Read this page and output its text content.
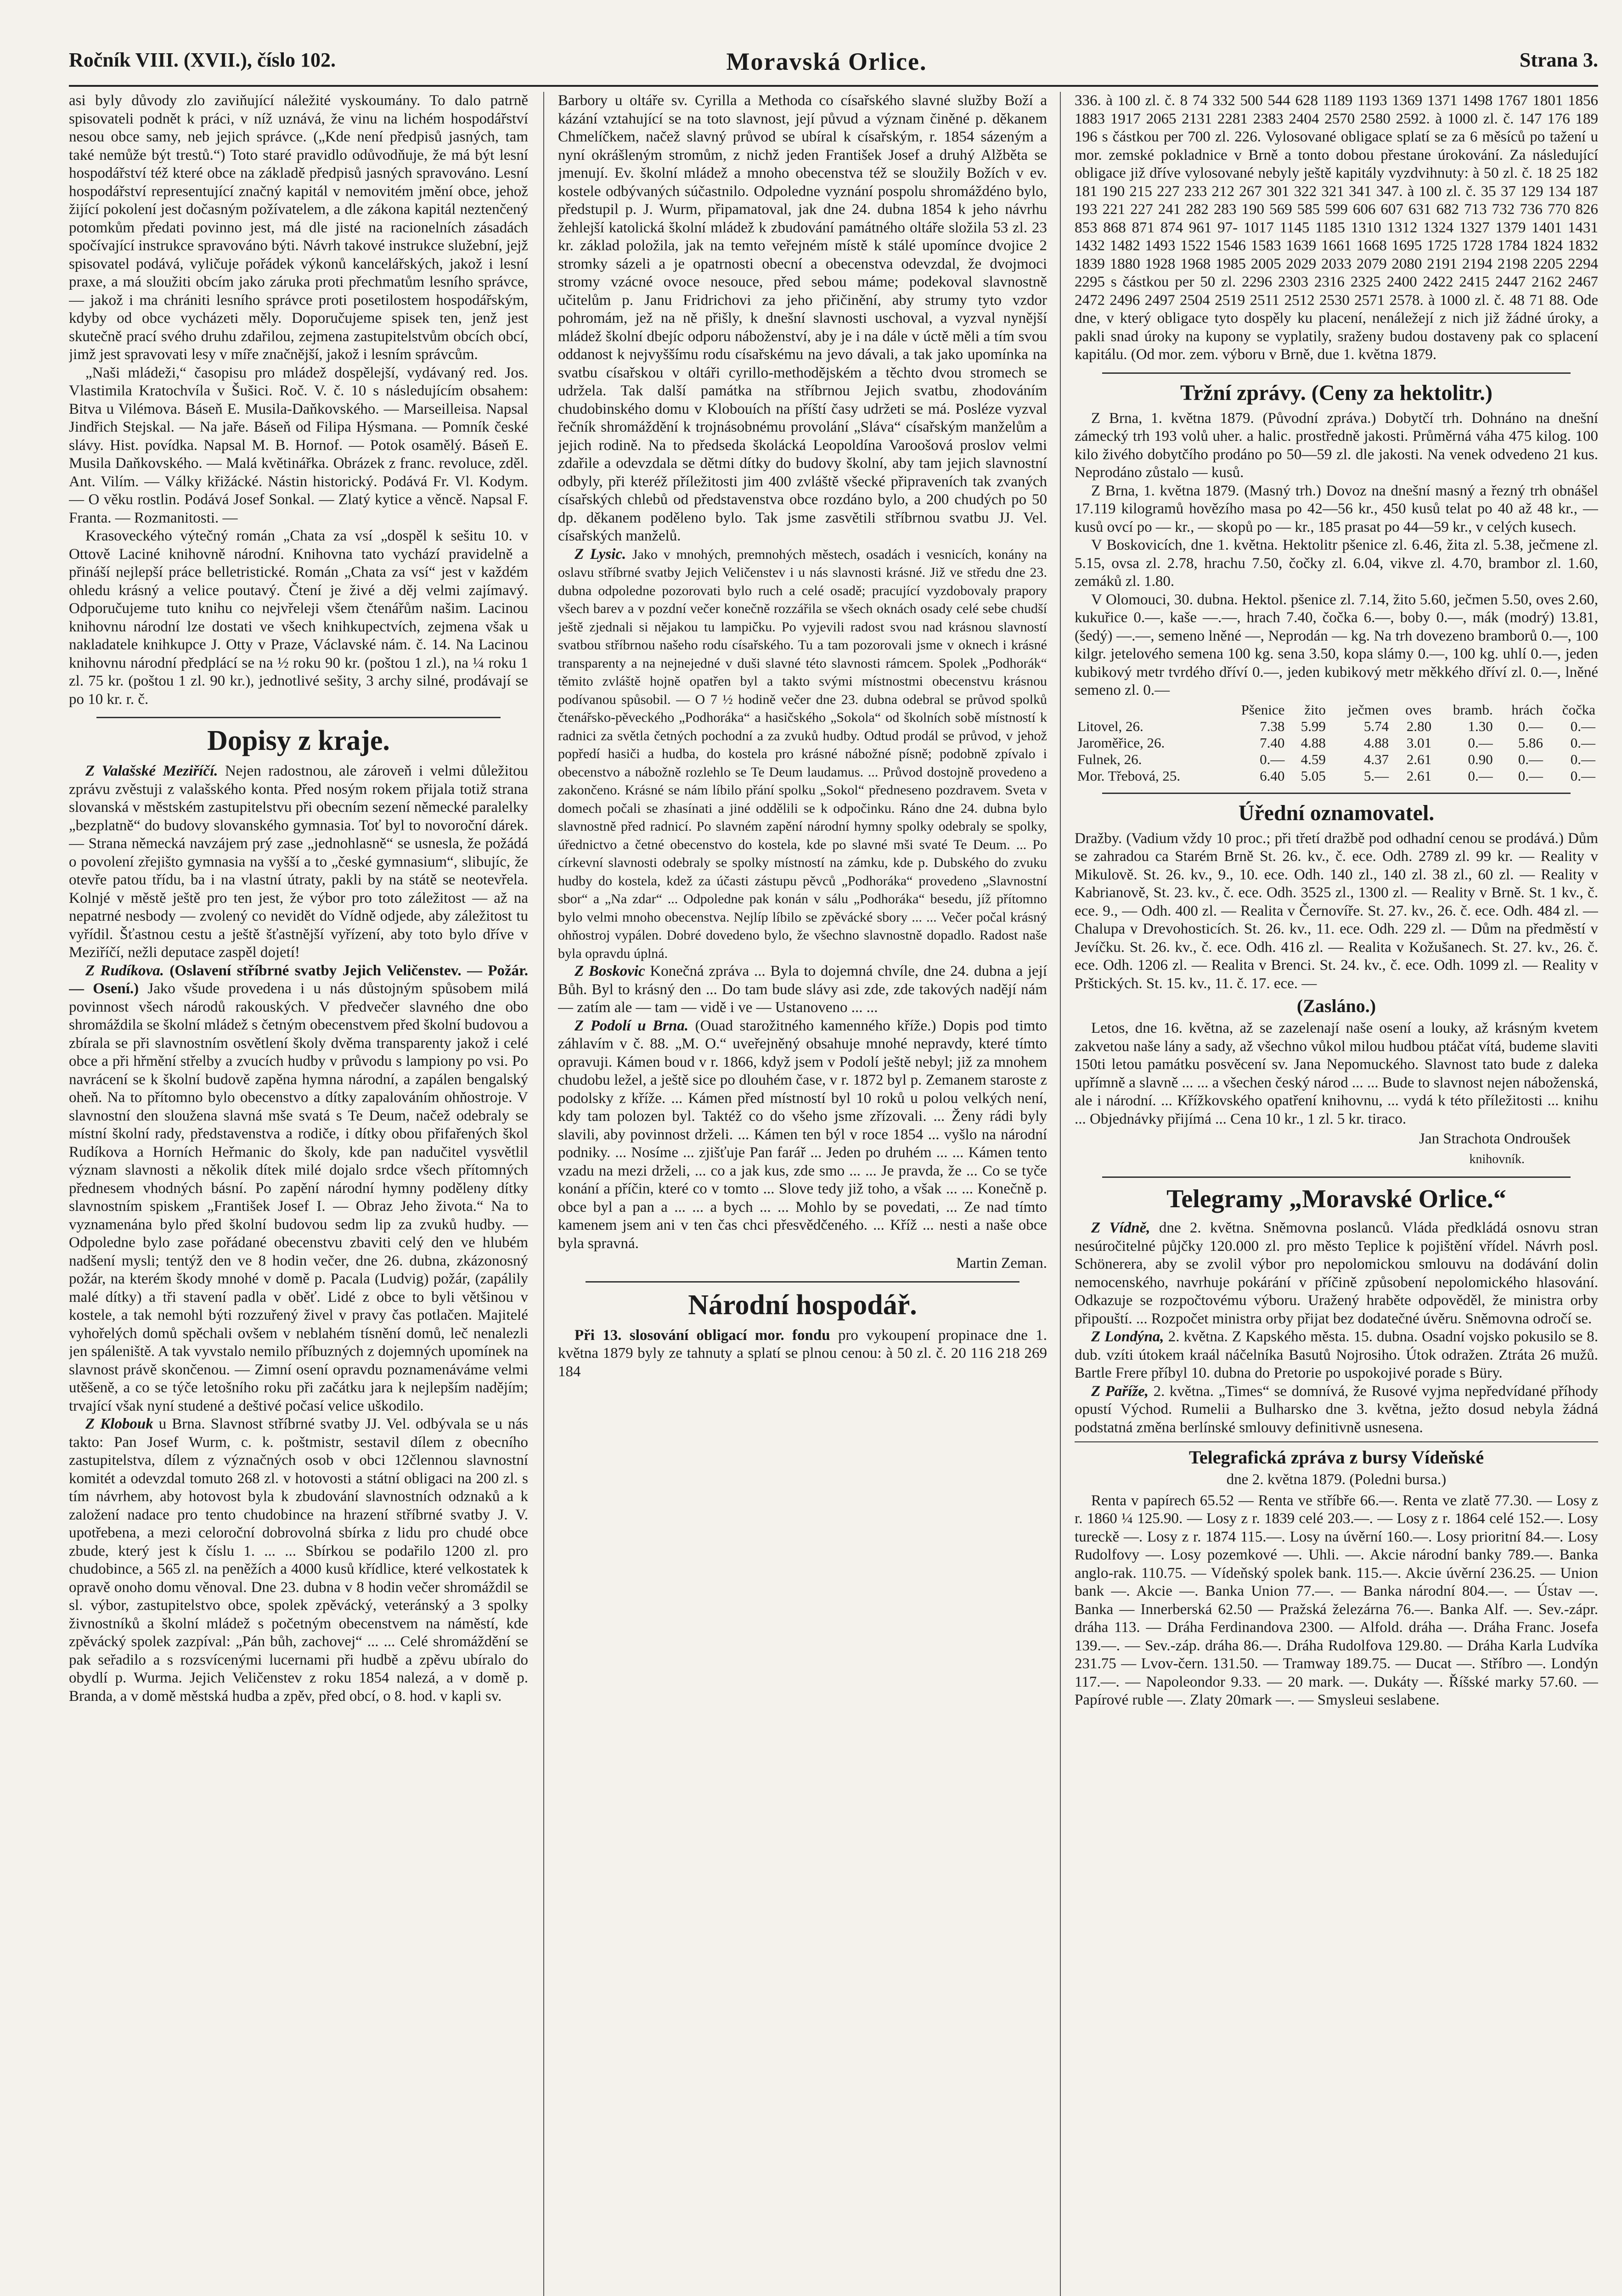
Ročník VIII. (XVII.), číslo 102.	Moravská Orlice.	Strana 3.

asi byly důvody zlo zaviňující náležité vyskoumány. To dalo patrně spisovateli podnět k práci, v níž uznává, že vinu na lichém hospodářství nesou obce samy, neb jejich správce. („Kde není předpisů jasných, tam také nemůže být trestů.“) Toto staré pravidlo odůvodňuje, že má být lesní hospodářství též které obce na základě předpisů jasných spravováno. Lesní hospodářství representující značný kapitál v nemovitém jmění obce, jehož žijící pokolení jest dočasným požívatelem, a dle zákona kapitál neztenčený potomkům předati povinno jest, má dle jisté na racionelních zásadách spočívající instrukce spravováno býti. Návrh takové instrukce služební, jejž spisovatel podává, vyličuje pořádek výkonů kancelářských, jakož i lesní praxe, a má sloužiti obcím jako záruka proti přechmatům lesního správce, — jakož i ma chrániti lesního správce proti posetilostem hospodářským, kdyby od obce vycházeti měly. Doporučujeme spisek ten, jenž jest skutečně prací svého druhu zdařilou, zejmena zastupitelstvům obcích obcí, jimž jest spravovati lesy v míře značnější, jakož i lesním správcům.

„Naši mládeži,“ časopisu pro mládež dospělejší, vydávaný red. Jos. Vlastimila Kratochvíla v Šušici. Roč. V. č. 10 s následujícím obsahem: Bitva u Vilémova. Báseň E. Musila-Daňkovského. — Marseilleisa. Napsal Jindřich Stejskal. — Na jaře. Báseň od Filipa Hýsmana. — Pomník české slávy. Hist. povídka. Napsal M. B. Hornof. — Potok osamělý. Báseň E. Musila Daňkovského. — Malá květinářka. Obrázek z franc. revoluce, zděl. Ant. Vilím. — Války křižácké. Nástin historický. Podává Fr. Vl. Kodym. — O věku rostlin. Podává Josef Sonkal. — Zlatý kytice a věncě. Napsal F. Franta. — Rozmanitosti. —

Krasoveckého výtečný román „Chata za vsí „dospěl k sešitu 10. v Ottově Laciné knihovně národní. Knihovna tato vychází pravidelně a přináší nejlepší práce belletristické. Román „Chata za vsí“ jest v každém ohledu krásný a velice poutavý. Čtení je živé a děj velmi zajímavý. Odporučujeme tuto knihu co nejvřeleji všem čtenářům našim. Lacinou knihovnu národní lze dostati ve všech knihkupectvích, zejmena však u nakladatele knihkupce J. Otty v Praze, Václavské nám. č. 14. Na Lacinou knihovnu národní předplácí se na ½ roku 90 kr. (poštou 1 zl.), na ¼ roku 1 zl. 75 kr. (poštou 1 zl. 90 kr.), jednotlivé sešity, 3 archy silné, prodávají se po 10 kr. r. č.

Dopisy z kraje.

Z Valašské Meziříčí. Nejen radostnou, ale zároveň i velmi důležitou zprávu zvěstuji z valašského konta. Před nosým rokem přijala totiž strana slovanská v městském zastupitelstvu při obecním sezení německé paralelky „bezplatně“ do budovy slovanského gymnasia. Toť byl to novoroční dárek. — Strana německá navzájem prý zase „jednohlasně“ se usnesla, že požádá o povolení zřejišto gymnasia na vyšší a to „české gymnasium“, slibujíc, že otevře patou třídu, ba i na vlastní útraty, pakli by na státě se neotevřela. Kolnjé v městě ještě pro ten jest, že výbor pro toto záležitost — až na nepatrné nesbody — zvolený co nevidět do Vídně odjede, aby záležitost tu vyřídil. Šťastnou cestu a ještě šťastnější vyřízení, aby toto bylo dříve v Meziříčí, nežli deputace zaspěl dojetí!

Z Rudíkova. (Oslavení stříbrné svatby Jejich Veličenstev. — Požár. — Osení.) Jako všude provedena i u nás důstojným spůsobem milá povinnost všech národů rakouských. V předvečer slavného dne obo shromáždila se školní mládež s četným obecenstvem před školní budovou a zbírala se při slavnostním osvětlení školy dvěma transparenty jakož i celé obce a při hřmění střelby a zvucích hudby v průvodu s lampiony po vsi. Po navrácení se k školní budově zapěna hymna národní, a zapálen bengalský oheň. Na to přítomno bylo obecenstvo a dítky zapalováním ohňostroje. V slavnostní den sloužena slavná mše svatá s Te Deum, načež odebraly se místní školní rady, představenstva a rodiče, i dítky obou přifařených škol Rudíkova a Horních Heřmanic do školy, kde pan nadučitel vysvětlil význam slavnosti a několik dítek milé dojalo srdce všech přítomných přednesem vhodných básní. Po zapění národní hymny poděleny dítky slavnostním spiskem „František Josef I. — Obraz Jeho života.“ Na to vyznamenána bylo před školní budovou sedm lip za zvuků hudby. — Odpoledne bylo zase pořádané obecenstvu zbaviti celý den ve hlubém nadšení mysli; tentýž den ve 8 hodin večer, dne 26. dubna, zkázonosný požár, na kterém škody mnohé v domě p. Pacala (Ludvig) požár, (zapálily malé dítky) a tři stavení padla v oběť. Lidé z obce to byli většinou v kostele, a tak nemohl býti rozzuřený živel v pravy čas potlačen. Majitelé vyhořelých domů spěchali ovšem v neblahém tísnění domů, leč nenalezli jen spáleniště. A tak vyvstalo nemilo příbuzných z dojemných upomínek na slavnost právě skončenou. — Zimní osení opravdu poznamenáváme velmi utěšeně, a co se týče letošního roku při začátku jara k nejlepším nadějím; trvající však nyní studené a deštivé počasí velice uškodilo.

Z Klobouk u Brna. Slavnost stříbrné svatby JJ. Vel. odbývala se u nás takto: Pan Josef Wurm, c. k. poštmistr, sestavil dílem z obecního zastupitelstva, dílem z význačných osob v obci 12člennou slavnostní komitét a odevzdal tomuto 268 zl. v hotovosti a státní obligaci na 200 zl. s tím návrhem, aby hotovost byla k zbudování slavnostních odznaků a k založení nadace pro tento chudobince na hrazení stříbrné svatby J. V. upotřebena, a mezi celoroční dobrovolná sbírka z lidu pro chudé obce zbude, který jest k číslu 1. ... ... Sbírkou se podařilo 1200 zl. pro chudobince, a 565 zl. na peněžích a 4000 kusů křídlice, které velkostatek k opravě onoho domu věnoval. Dne 23. dubna v 8 hodin večer shromáždil se sl. výbor, zastupitelstvo obce, spolek zpěvácký, veteránský a 3 spolky živnostníků a školní mládež s početným obecenstvem na náměstí, kde zpěvácký spolek zazpíval: „Pán bůh, zachovej“ ... ... Celé shromáždění se pak seřadilo a s rozsvícenými lucernami při hudbě a zpěvu ubíralo do obydlí p. Wurma. Jejich Veličenstev z roku 1854 nalezá, a v domě p. Branda, a v domě městská hudba a zpěv, před obcí, o 8. hod. v kapli sv.

Barbory u oltáře sv. Cyrilla a Methoda co císařského slavné služby Boží a kázání vztahující se na toto slavnost, její půvud a význam činěné p. děkanem Chmelíčkem, načež slavný průvod se ubíral k císařským, r. 1854 sázeným a nyní okrášleným stromům, z nichž jeden František Josef a druhý Alžběta se jmenují. Ev. školní mládež a mnoho obecenstva též se sloužily Božích v ev. kostele odbývaných súčastnilo. Odpoledne vyznání pospolu shromáždéno bylo, předstupil p. J. Wurm, připamatoval, jak dne 24. dubna 1854 k jeho návrhu žehlejší katolická školní mládež k zbudování památného oltáře složila 53 zl. 23 kr. základ položila, jak na temto veřejném místě k stálé upomínce dvojice 2 stromky sázeli a je opatrnosti obecní a obecenstva odevzdal, že dvojmoci stromy vzácné ovoce nesouce, před sebou máme; podekoval slavnostně učitelům p. Janu Fridrichovi za jeho přičinění, aby strumy tyto vzdor pohromám, jež na ně přišly, k dnešní slavnosti uschoval, a vyzval nynější mládež školní dbejíc odporu náboženství, aby je i na dále v úctě měli a tím svou oddanost k nejvyššímu rodu císařskému na jevo dávali, a tak jako upomínka na svatbu císařskou v oltáři cyrillo-methodějském a těchto dvou stromech se udržela. Tak další památka na stříbrnou Jejich svatbu, zhodováním chudobinského domu v Klobouích na příští časy udržeti se má. Posléze vyzval řečník shromáždění k trojnásobnému provolání „Sláva“ císařským manželům a jejich rodině. Na to předseda školácká Leopoldína Varoošová proslov velmi zdařile a odevzdala se dětmi dítky do budovy školní, aby tam jejich slavnostní odbyly, při kteréž příležitosti jim 400 zvláště všecké připraveních tak zvaných císařských chlebů od představenstva obce rozdáno bylo, a 200 chudých po 50 dp. děkanem poděleno bylo. Tak jsme zasvětili stříbrnou svatbu JJ. Vel. císařských manželů.

Z Lysic. Jako v mnohých, premnohých městech, osadách i vesnicích, konány na oslavu stříbrné svatby Jejich Veličenstev i u nás slavnosti krásné. Již ve středu dne 23. dubna odpoledne pozorovati bylo ruch a celé osadě; pracující vyzdobovaly prapory všech barev a v pozdní večer konečně rozzářila se všech oknách osady celé sebe chudší ještě zjednali si nějakou tu lampičku. Po vyjevili radost svou nad krásnou slavností svatbou stříbrnou našeho rodu císařského. Tu a tam pozorovali jsme v oknech i krásné transparenty a na nejnejedné v duši slavné této slavnosti rámcem. Spolek „Podhorák“ těmito zvláště hojně opatřen byl a takto svými místnostmi obecenstvu krásnou podívanou spůsobil. — O 7 ½ hodině večer dne 23. dubna odebral se průvod spolků čtenářsko-pěveckého „Podhoráka“ a hasičského „Sokola“ od školních sobě místností k radnici za světla četných pochodní a za zvuků hudby. Odtud prodál se průvod, v jehož popředí hasiči a hudba, do kostela pro krásné nábožné písně; podobně zpívalo i obecenstvo a nábožně rozlehlo se Te Deum laudamus. ... Průvod dostojně provedeno a zakončeno. Krásné se nám líbilo přání spolku „Sokol“ předneseno pozdravem. Sveta v domech počali se zhasínati a jiné oddělili se k odpočinku. Ráno dne 24. dubna bylo slavnostně před radnicí. Po slavném zapění národní hymny spolky odebraly se spolky, úřednictvo a četné obecenstvo do kostela, kde po slavné mši svaté Te Deum. ... Po církevní slavnosti odebraly se spolky místností na zámku, kde p. Dubského do zvuku hudby do kostela, kdež za účasti zástupu pěvců „Podhoráka“ provedeno „Slavnostní sbor“ a „Na zdar“ ... Odpoledne pak konán v sálu „Podhoráka“ besedu, jíž přítomno bylo velmi mnoho obecenstva. Nejlíp líbilo se zpěvácké sbory ... ... Večer počal krásný ohňostroj vypálen. Dobré dovedeno bylo, že všechno slavnostně dopadlo. Radost naše byla opravdu úplná.

Z Boskovic Konečná zpráva ... Byla to dojemná chvíle, dne 24. dubna a její Bůh. Byl to krásný den ... Do tam bude slávy asi zde, zde takových nadějí nám — zatím ale — tam — vidě i ve — Ustanoveno ... ...

Z Podolí u Brna. (Ouad starožitného kamenného kříže.) Dopis pod timto záhlavím v č. 88. „M. O.“ uveřejněný obsahuje mnohé nepravdy, které tímto opravuji. Kámen boud v r. 1866, když jsem v Podolí ještě nebyl; již za mnohem chudobu ležel, a ještě sice po dlouhém čase, v r. 1872 byl p. Zemanem staroste z podolsky z kříže. ... Kámen před místností byl 10 roků u polou velkých není, kdy tam polozen byl. Taktéž co do všeho jsme zřízovali. ... Ženy rádi byly slavili, aby povinnost drželi. ... Kámen ten býl v roce 1854 ... vyšlo na národní podniky. ... Nosíme ... zjišťuje Pan farář ... Jeden po druhém ... ... Kámen tento vzadu na mezi drželi, ... co a jak kus, zde smo ... ... Je pravda, že ... Co se tyče konání a příčin, které co v tomto ... Slove tedy již toho, a však ... ... Konečně p. obce byl a pan a ... ... a bych ... ... Mohlo by se povedati, ... Ze nad tímto kamenem jsem ani v ten čas chci přesvědčeného. ... Kříž ... nesti a naše obce byla spravná.

Martin Zeman.
Národní hospodář.

Při 13. slosování obligací mor. fondu pro vykoupení propinace dne 1. května 1879 byly ze tahnuty a splatí se plnou cenou: à 50 zl. č. 20 116 218 269 184

336. à 100 zl. č. 8 74 332 500 544 628 1189 1193 1369 1371 1498 1767 1801 1856 1883 1917 2065 2131 2281 2383 2404 2570 2580 2592. à 1000 zl. č. 147 176 189 196 s částkou per 700 zl. 226. Vylosované obligace splatí se za 6 měsíců po tažení u mor. zemské pokladnice v Brně a tonto dobou přestane úrokování. Za následující obligace již dříve vylosované nebyly ještě kapitály vyzdvihnuty: à 50 zl. č. 18 25 182 181 190 215 227 233 212 267 301 322 321 341 347. à 100 zl. č. 35 37 129 134 187 193 221 227 241 282 283 190 569 585 599 606 607 631 682 713 732 736 770 826 853 868 871 874 961 97- 1017 1145 1185 1310 1312 1324 1327 1379 1401 1431 1432 1482 1493 1522 1546 1583 1639 1661 1668 1695 1725 1728 1784 1824 1832 1839 1880 1928 1968 1985 2005 2029 2033 2079 2080 2191 2194 2198 2205 2294 2295 s částkou per 50 zl. 2296 2303 2316 2325 2400 2422 2415 2447 2162 2467 2472 2496 2497 2504 2519 2511 2512 2530 2571 2578. à 1000 zl. č. 48 71 88. Ode dne, v který obligace tyto dospěly ku placení, nenáležejí z nich již žádné úroky, a pakli snad úroky na kupony se vyplatily, sraženy budou dostaveny pak co splacení kapitálu. (Od mor. zem. výboru v Brně, due 1. května 1879.

Tržní zprávy. (Ceny za hektolitr.)

Z Brna, 1. května 1879. (Původní zpráva.) Dobytčí trh. Dohnáno na dnešní zámecký trh 193 volů uher. a halic. prostředně jakosti. Průměrná váha 475 kilog. 100 kilo živého dobytčího prodáno po 50—59 zl. dle jakosti. Na venek odvedeno 21 kus. Neprodáno zůstalo — kusů.

Z Brna, 1. května 1879. (Masný trh.) Dovoz na dnešní masný a řezný trh obnášel 17.119 kilogramů hovězího masa po 42—56 kr., 450 kusů telat po 40 až 48 kr., — kusů ovcí po — kr., — skopů po — kr., 185 prasat po 44—59 kr., v celých kusech.

V Boskovicích, dne 1. května. Hektolitr pšenice zl. 6.46, žita zl. 5.38, ječmene zl. 5.15, ovsa zl. 2.78, hrachu 7.50, čočky zl. 6.04, vikve zl. 4.70, brambor zl. 1.60, zemáků zl. 1.80.

V Olomouci, 30. dubna. Hektol. pšenice zl. 7.14, žito 5.60, ječmen 5.50, oves 2.60, kukuřice 0.—, kaše —.—, hrach 7.40, čočka 6.—, boby 0.—, mák (modrý) 13.81, (šedý) —.—, semeno lněné —, Neprodán — kg. Na trh dovezeno bramborů 0.—, 100 kilgr. jetelového semena 100 kg. sena 3.50, kopa slámy 0.—, 100 kg. uhlí 0.—, jeden kubikový metr tvrdého dříví 0.—, jeden kubikový metr měkkého dříví zl. 0.—, lněné semeno zl. 0.—

	Pšenice	žito	ječmen	oves	bramb.	hrách	čočka
Litovel, 26.	7.38	5.99	5.74	2.80	1.30	0.—	0.—
Jaroměřice, 26.	7.40	4.88	4.88	3.01	0.—	5.86	0.—
Fulnek, 26.	0.—	4.59	4.37	2.61	0.90	0.—	0.—
Mor. Třebová, 25.	6.40	5.05	5.—	2.61	0.—	0.—	0.—
Úřední oznamovatel.

Dražby. (Vadium vždy 10 proc.; při třetí dražbě pod odhadní cenou se prodává.) Dům se zahradou ca Starém Brně St. 26. kv., č. ece. Odh. 2789 zl. 99 kr. — Reality v Mikulově. St. 26. kv., 9., 10. ece. Odh. 140 zl., 140 zl. 38 zl., 60 zl. — Reality v Kabrianově, St. 23. kv., č. ece. Odh. 3525 zl., 1300 zl. — Reality v Brně. St. 1 kv., č. ece. 9., — Odh. 400 zl. — Realita v Černovíře. St. 27. kv., 26. č. ece. Odh. 484 zl. — Chalupa v Drevohosticích. St. 26. kv., 11. ece. Odh. 229 zl. — Dům na předměstí v Jevíčku. St. 26. kv., č. ece. Odh. 416 zl. — Realita v Kožušanech. St. 27. kv., 26. č. ece. Odh. 1206 zl. — Realita v Brenci. St. 24. kv., č. ece. Odh. 1099 zl. — Reality v Prštických. St. 15. kv., 11. č. 17. ece. —

(Zasláno.)

Letos, dne 16. května, až se zazelenají naše osení a louky, až krásným kvetem zakvetou naše lány a sady, až všechno vůkol milou hudbou ptáčat vítá, budeme slaviti 150ti letou památku posvěcení sv. Jana Nepomuckého. Slavnost tato bude z daleka upřímně a slavně ... ... a všechen český národ ... ... Bude to slavnost nejen náboženská, ale i národní. ... Křížkovského opatření knihovnu, ... vydá k této příležitosti ... knihu ... Objednávky přijímá ... Cena 10 kr., 1 zl. 5 kr. tiraco.

Jan Strachota Ondroušek
knihovník.
Telegramy „Moravské Orlice.“

Z Vídně, dne 2. května. Sněmovna poslanců. Vláda předkládá osnovu stran nesúročitelné půjčky 120.000 zl. pro město Teplice k pojištění vřídel. Návrh posl. Schönerera, aby se zvolil výbor pro nepolomickou smlouvu na dodávání dolin nemocenského, navrhuje pokárání v příčině způsobení nepolomického hlasování. Odkazuje se rozpočtovému výboru. Uražený hraběte odpověděl, že ministra orby připouští. ... Rozpočet ministra orby přijat bez dodatečné úvěru. Sněmovna odročí se.

Z Londýna, 2. května. Z Kapského města. 15. dubna. Osadní vojsko pokusilo se 8. dub. vzíti útokem kraál náčelníka Basutů Nojrosiho. Útok odražen. Ztráta 26 mužů. Bartle Frere příbyl 10. dubna do Pretorie po uspokojivé porade s Büry.

Z Paříže, 2. května. „Times“ se domnívá, že Rusové vyjma nepředvídané příhody opustí Východ. Rumelii a Bulharsko dne 3. května, ježto dosud nebyla žádná podstatná změna berlínské smlouvy definitivně usnesena.

Telegrafická zpráva z bursy Vídeňské
dne 2. května 1879. (Poledni bursa.)

Renta v papírech 65.52 — Renta ve stříbře 66.—. Renta ve zlatě 77.30. — Losy z r. 1860 ¼ 125.90. — Losy z r. 1839 celé 203.—. — Losy z r. 1864 celé 152.—. Losy tureckě —. Losy z r. 1874 115.—. Losy na úvěrní 160.—. Losy prioritní 84.—. Losy Rudolfovy —. Losy pozemkové —. Uhli. —. Akcie národní banky 789.—. Banka anglo-rak. 110.75. — Vídeňský spolek bank. 115.—. Akcie úvěrní 236.25. — Union bank —. Akcie —. Banka Union 77.—. — Banka národní 804.—. — Ústav —. Banka — Innerberská 62.50 — Pražská železárna 76.—. Banka Alf. —. Sev.-zápr. dráha 113. — Dráha Ferdinandova 2300. — Alfold. dráha —. Dráha Franc. Josefa 139.—. — Sev.-záp. dráha 86.—. Dráha Rudolfova 129.80. — Dráha Karla Ludvíka 231.75 — Lvov-čern. 131.50. — Tramway 189.75. — Ducat —. Stříbro —. Londýn 117.—. — Napoleondor 9.33. — 20 mark. —. Dukáty —. Říšské marky 57.60. — Papírové ruble —. Zlaty 20mark —. — Smysleui seslabene.
